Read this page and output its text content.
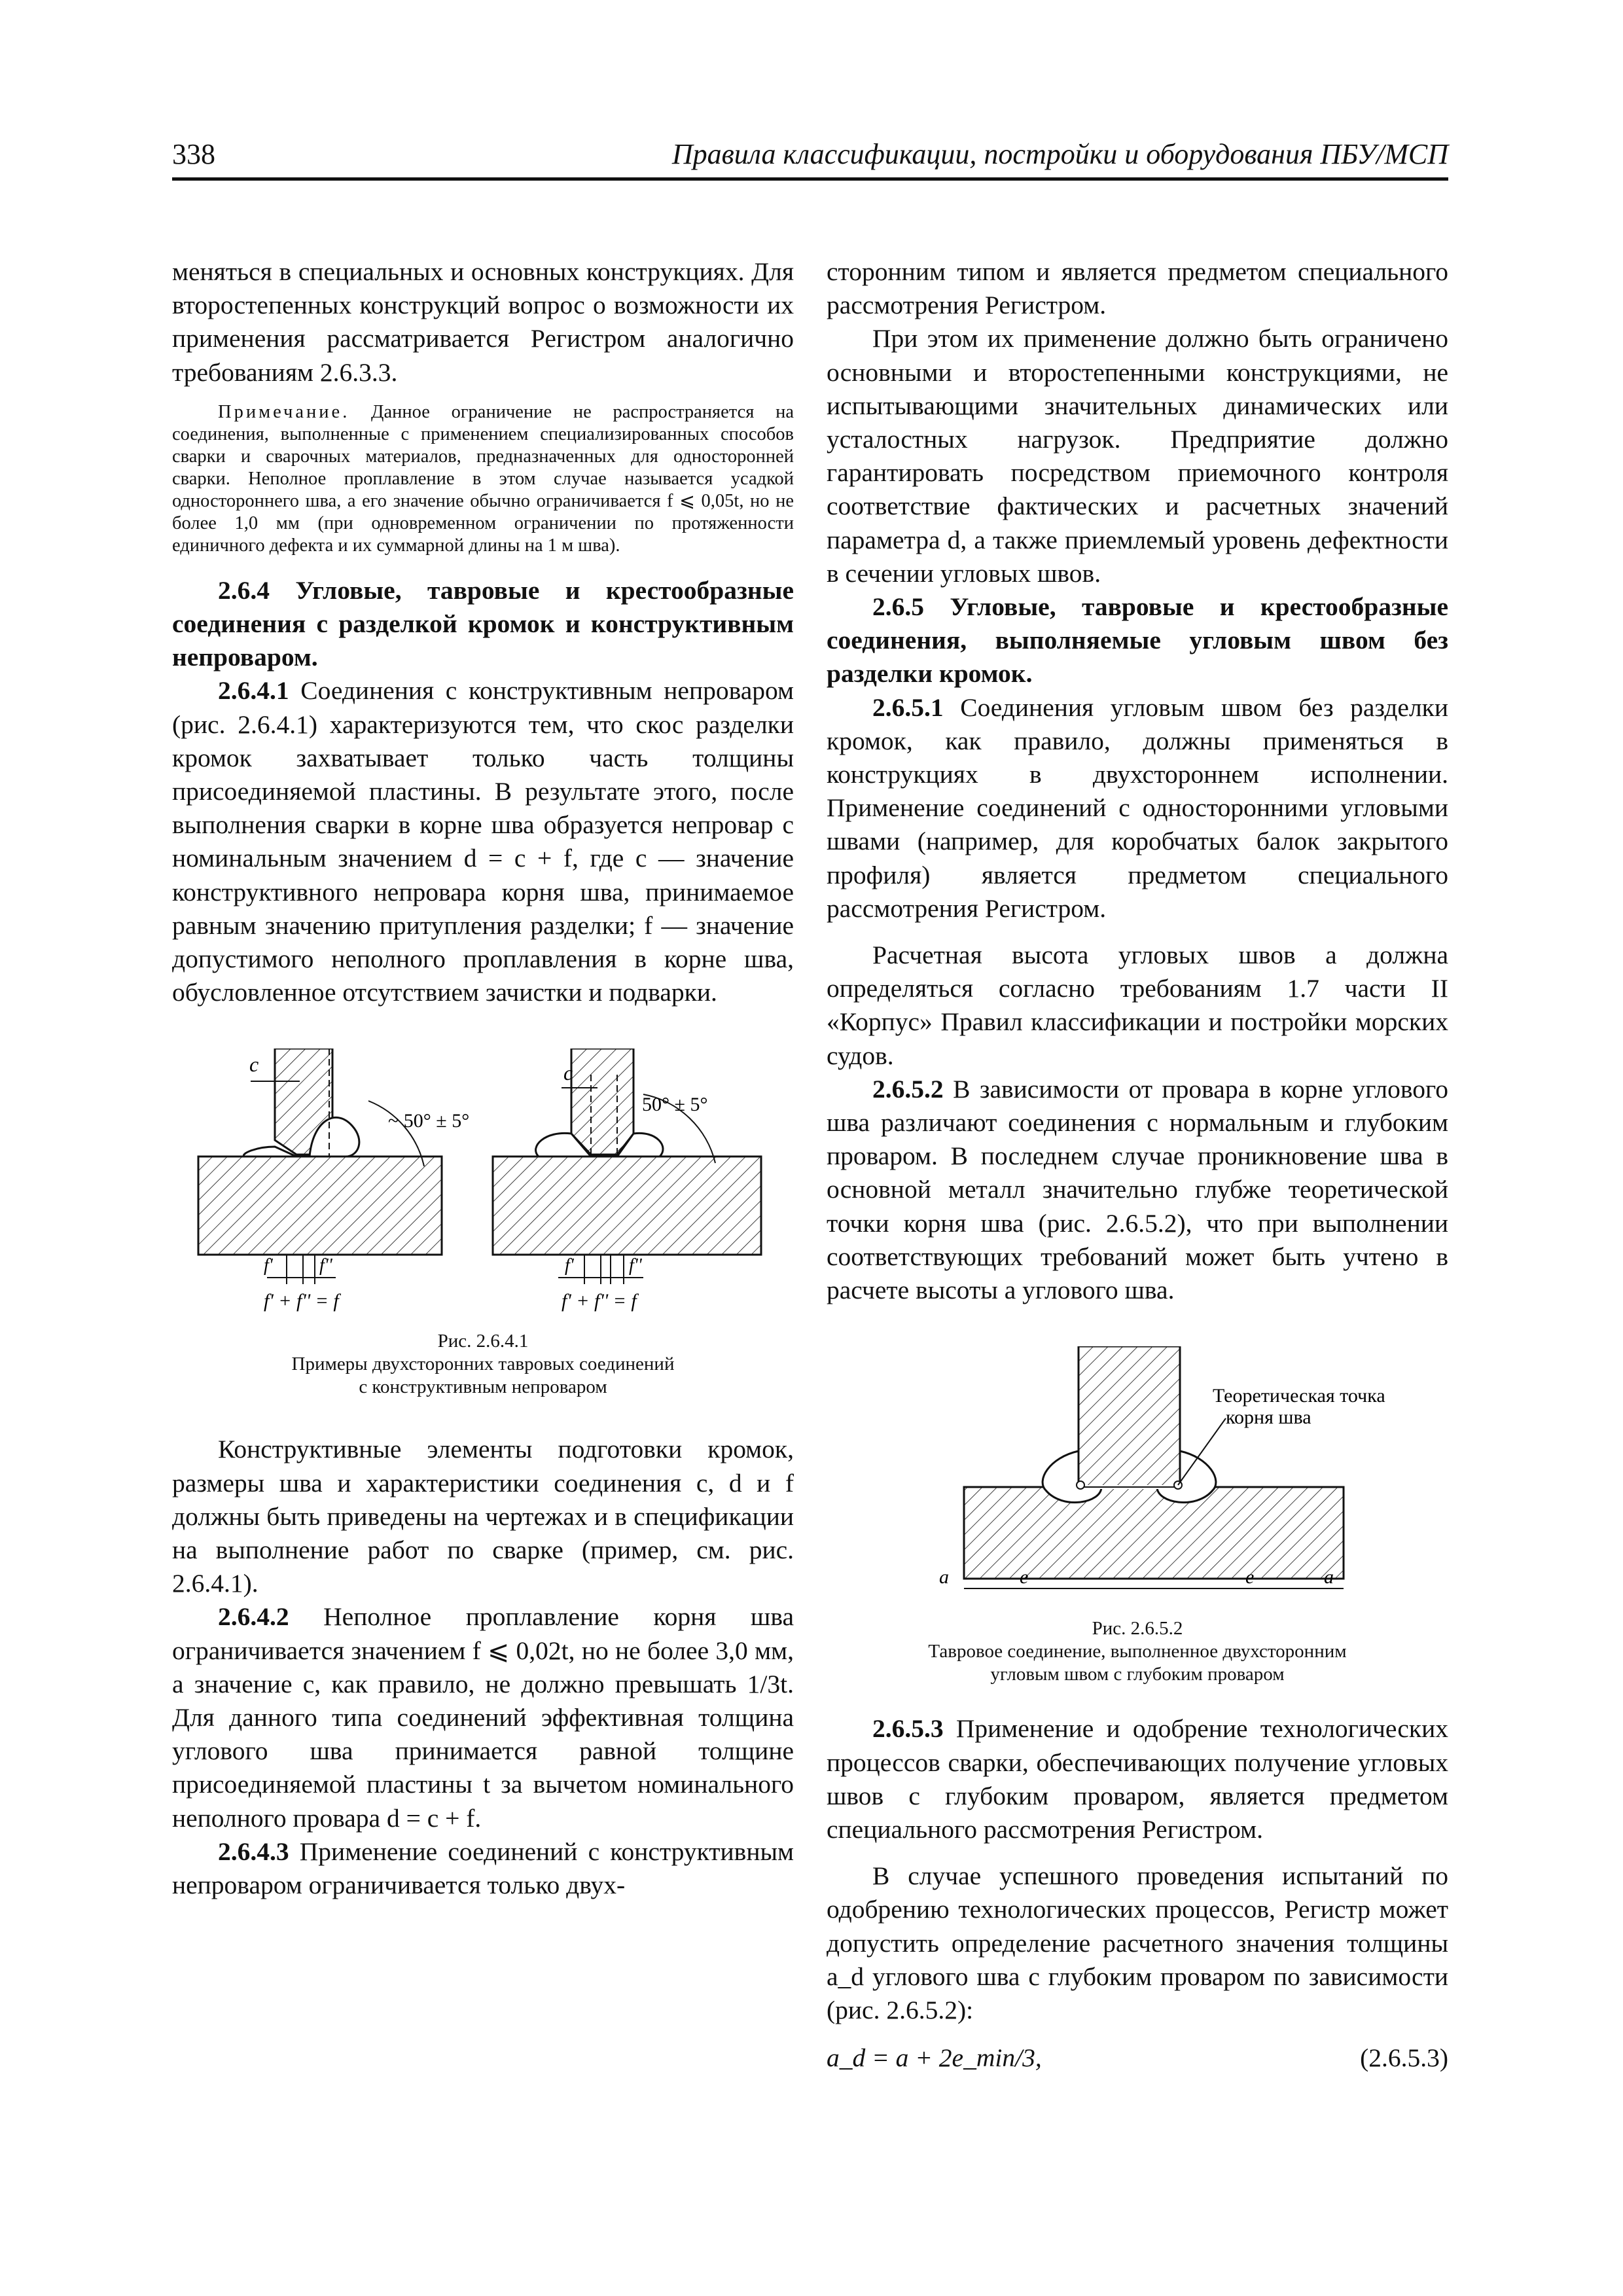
338	Правила классификации, постройки и оборудования ПБУ/МСП

меняться в специальных и основных конструкциях. Для второстепенных конструкций вопрос о возможности их применения рассматривается Регистром аналогично требованиям 2.6.3.3.

Примечание. Данное ограничение не распространяется на соединения, выполненные с применением специализированных способов сварки и сварочных материалов, предназначенных для односторонней сварки. Неполное проплавление в этом случае называется усадкой одностороннего шва, а его значение обычно ограничивается f ⩽ 0,05t, но не более 1,0 мм (при одновременном ограничении по протяженности единичного дефекта и их суммарной длины на 1 м шва).

2.6.4 Угловые, тавровые и крестообразные соединения с разделкой кромок и конструктивным непроваром.

2.6.4.1 Соединения с конструктивным непроваром (рис. 2.6.4.1) характеризуются тем, что скос разделки кромок захватывает только часть толщины присоединяемой пластины. В результате этого, после выполнения сварки в корне шва образуется непровар с номинальным значением d = c + f, где c — значение конструктивного непровара корня шва, принимаемое равным значению притупления разделки; f — значение допустимого неполного проплавления в корне шва, обусловленное отсутствием зачистки и подварки.

c
~ 50° ± 5°
f'	f''
f' + f'' = f
c
50° ± 5°
f'	f''
f' + f'' = f
Рис. 2.6.4.1
Примеры двухсторонних тавровых соединений
с конструктивным непроваром

Конструктивные элементы подготовки кромок, размеры шва и характеристики соединения c, d и f должны быть приведены на чертежах и в спецификации на выполнение работ по сварке (пример, см. рис. 2.6.4.1).

2.6.4.2 Неполное проплавление корня шва ограничивается значением f ⩽ 0,02t, но не более 3,0 мм, а значение c, как правило, не должно превышать 1/3t. Для данного типа соединений эффективная толщина углового шва принимается равной толщине присоединяемой пластины t за вычетом номинального неполного провара d = c + f.

2.6.4.3 Применение соединений с конструктивным непроваром ограничивается только двух-

сторонним типом и является предметом специального рассмотрения Регистром.

При этом их применение должно быть ограничено основными и второстепенными конструкциями, не испытывающими значительных динамических или усталостных нагрузок. Предприятие должно гарантировать посредством приемочного контроля соответствие фактических и расчетных значений параметра d, а также приемлемый уровень дефектности в сечении угловых швов.

2.6.5 Угловые, тавровые и крестообразные соединения, выполняемые угловым швом без разделки кромок.

2.6.5.1 Соединения угловым швом без разделки кромок, как правило, должны применяться в конструкциях в двухстороннем исполнении. Применение соединений с односторонними угловыми швами (например, для коробчатых балок закрытого профиля) является предметом специального рассмотрения Регистром.

Расчетная высота угловых швов a должна определяться согласно требованиям 1.7 части II «Корпус» Правил классификации и постройки морских судов.

2.6.5.2 В зависимости от провара в корне углового шва различают соединения с нормальным и глубоким проваром. В последнем случае проникновение шва в основной металл значительно глубже теоретической точки корня шва (рис. 2.6.5.2), что при выполнении соответствующих требований может быть учтено в расчете высоты a углового шва.

Теоретическая точка
корня шва
a	e	e	a
Рис. 2.6.5.2
Тавровое соединение, выполненное двухсторонним
угловым швом с глубоким проваром

2.6.5.3 Применение и одобрение технологических процессов сварки, обеспечивающих получение угловых швов с глубоким проваром, является предметом специального рассмотрения Регистром.

В случае успешного проведения испытаний по одобрению технологических процессов, Регистр может допустить определение расчетного значения толщины a_d углового шва с глубоким проваром по зависимости (рис. 2.6.5.2):

a_d = a + 2e_min/3,	(2.6.5.3)
